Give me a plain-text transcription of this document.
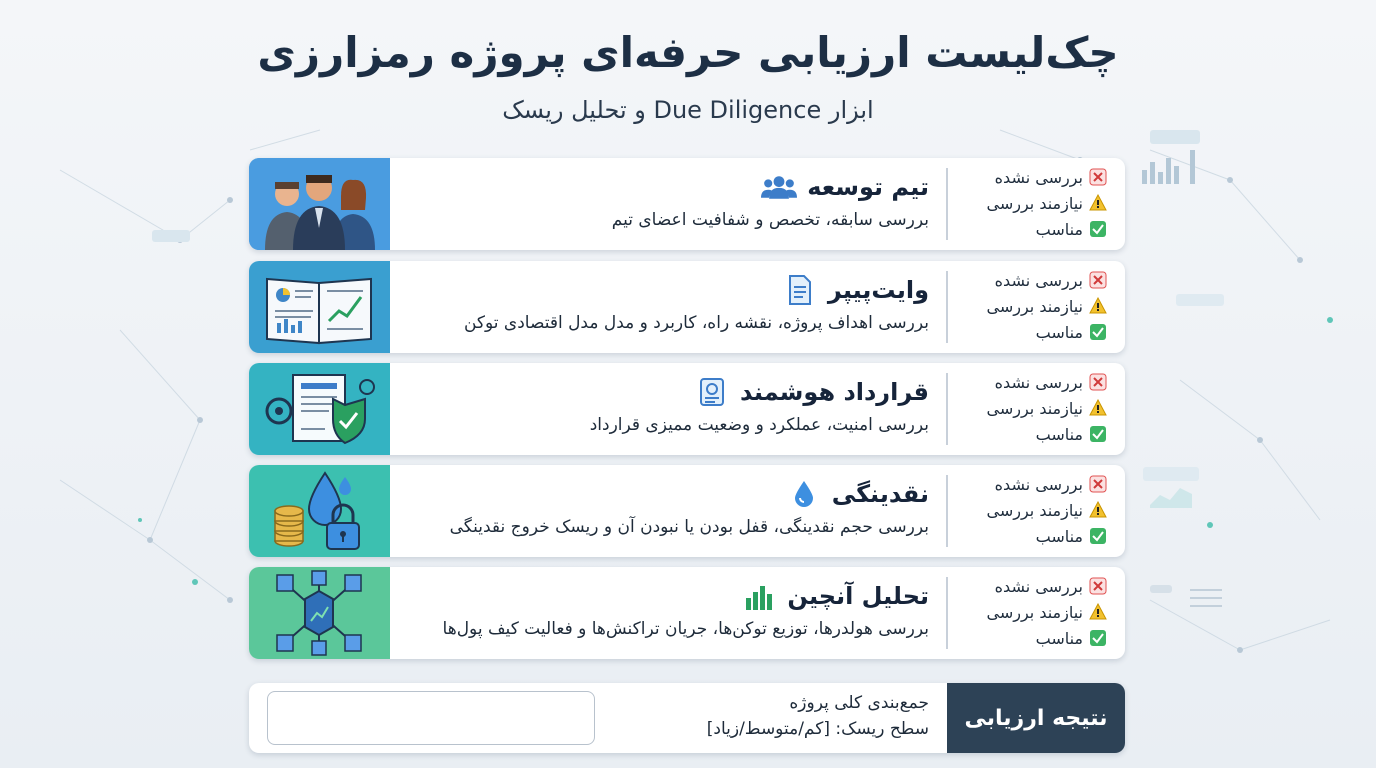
چک‌لیست ارزیابی حرفه‌ای پروژه رمزارزی
ابزار Due Diligence و تحلیل ریسک
تیم توسعه
بررسی سابقه، تخصص و شفافیت اعضای تیم
بررسی نشده
نیازمند بررسی
مناسب
وایت‌پیپر
بررسی اهداف پروژه، نقشه راه، کاربرد و مدل مدل اقتصادی توکن
بررسی نشده
نیازمند بررسی
مناسب
قرارداد هوشمند
بررسی امنیت، عملکرد و وضعیت ممیزی قرارداد
بررسی نشده
نیازمند بررسی
مناسب
نقدینگی
بررسی حجم نقدینگی، قفل بودن یا نبودن آن و ریسک خروج نقدینگی
بررسی نشده
نیازمند بررسی
مناسب
تحلیل آنچین
بررسی هولدرها، توزیع توکن‌ها، جریان تراکنش‌ها و فعالیت کیف پول‌ها
بررسی نشده
نیازمند بررسی
مناسب
نتیجه ارزیابی
جمع‌بندی کلی پروژه
سطح ریسک: [کم/متوسط/زیاد]
